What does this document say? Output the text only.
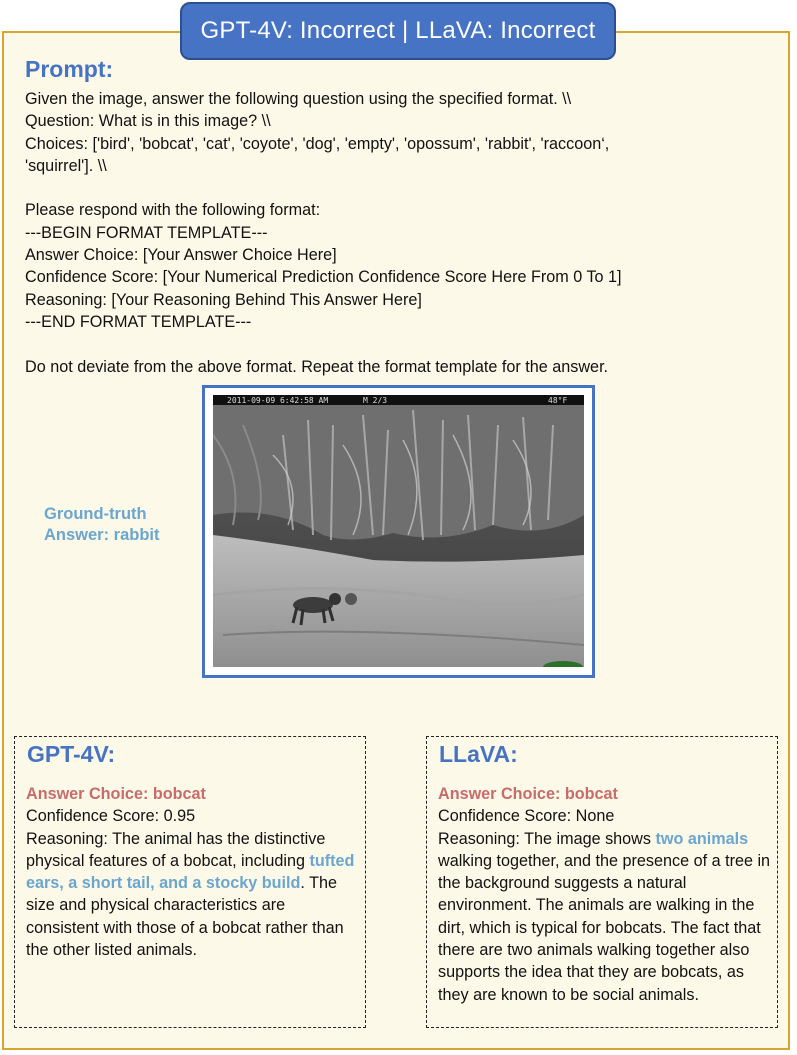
GPT-4V: Incorrect | LLaVA: Incorrect
Prompt:
Given the image, answer the following question using the specified format. \\
Question: What is in this image? \\
Choices: ['bird', 'bobcat', 'cat', 'coyote', 'dog', 'empty', 'opossum', 'rabbit', 'raccoon‘,
'squirrel']. \\
Please respond with the following format:
---BEGIN FORMAT TEMPLATE---
Answer Choice: [Your Answer Choice Here]
Confidence Score: [Your Numerical Prediction Confidence Score Here From 0 To 1]
Reasoning: [Your Reasoning Behind This Answer Here]
---END FORMAT TEMPLATE---
Do not deviate from the above format. Repeat the format template for the answer.
Ground-truth
Answer: rabbit
2011-09-09 6:42:58 AM	M 2/3	48°F
GPT-4V:
Answer Choice: bobcat
Confidence Score: 0.95
Reasoning: The animal has the distinctive physical features of a bobcat, including tufted ears, a short tail, and a stocky build. The size and physical characteristics are consistent with those of a bobcat rather than the other listed animals.
LLaVA:
Answer Choice: bobcat
Confidence Score: None
Reasoning: The image shows two animals walking together, and the presence of a tree in the background suggests a natural environment. The animals are walking in the dirt, which is typical for bobcats. The fact that there are two animals walking together also supports the idea that they are bobcats, as they are known to be social animals.
